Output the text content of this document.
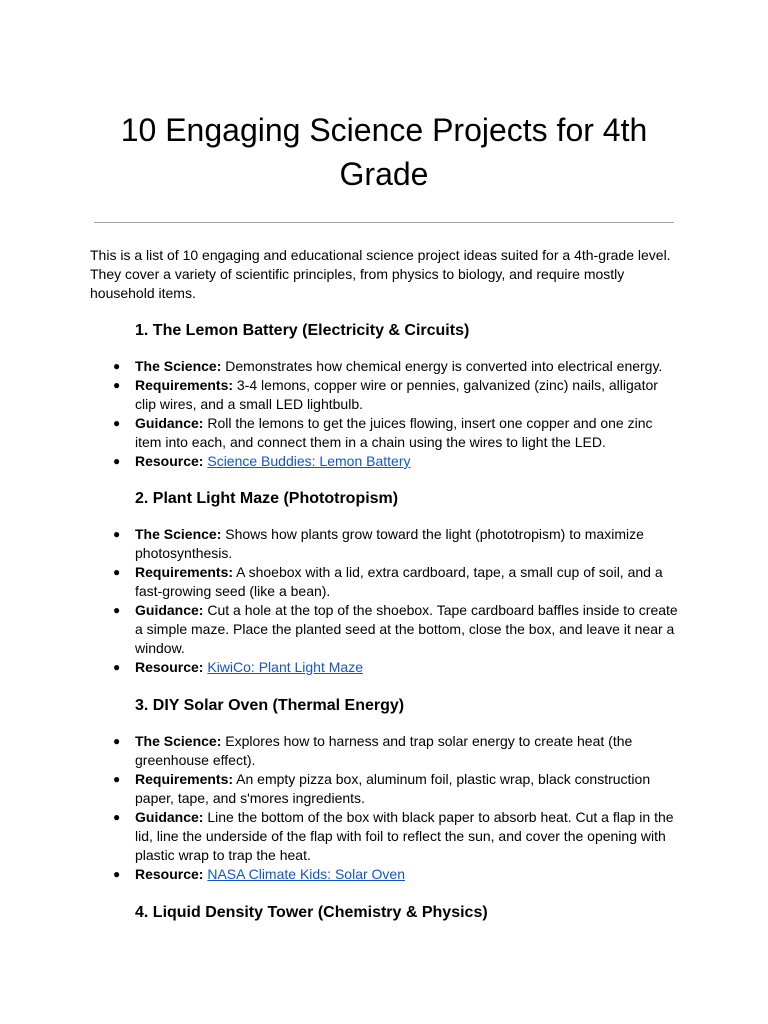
10 Engaging Science Projects for 4th
Grade

This is a list of 10 engaging and educational science project ideas suited for a 4th-grade level. They cover a variety of scientific principles, from physics to biology, and require mostly household items.

1. The Lemon Battery (Electricity & Circuits)
● The Science: Demonstrates how chemical energy is converted into electrical energy.
● Requirements: 3-4 lemons, copper wire or pennies, galvanized (zinc) nails, alligator clip wires, and a small LED lightbulb.
● Guidance: Roll the lemons to get the juices flowing, insert one copper and one zinc item into each, and connect them in a chain using the wires to light the LED.
● Resource: Science Buddies: Lemon Battery
2. Plant Light Maze (Phototropism)
● The Science: Shows how plants grow toward the light (phototropism) to maximize photosynthesis.
● Requirements: A shoebox with a lid, extra cardboard, tape, a small cup of soil, and a fast-growing seed (like a bean).
● Guidance: Cut a hole at the top of the shoebox. Tape cardboard baffles inside to create a simple maze. Place the planted seed at the bottom, close the box, and leave it near a window.
● Resource: KiwiCo: Plant Light Maze
3. DIY Solar Oven (Thermal Energy)
● The Science: Explores how to harness and trap solar energy to create heat (the greenhouse effect).
● Requirements: An empty pizza box, aluminum foil, plastic wrap, black construction paper, tape, and s'mores ingredients.
● Guidance: Line the bottom of the box with black paper to absorb heat. Cut a flap in the lid, line the underside of the flap with foil to reflect the sun, and cover the opening with plastic wrap to trap the heat.
● Resource: NASA Climate Kids: Solar Oven
4. Liquid Density Tower (Chemistry & Physics)
